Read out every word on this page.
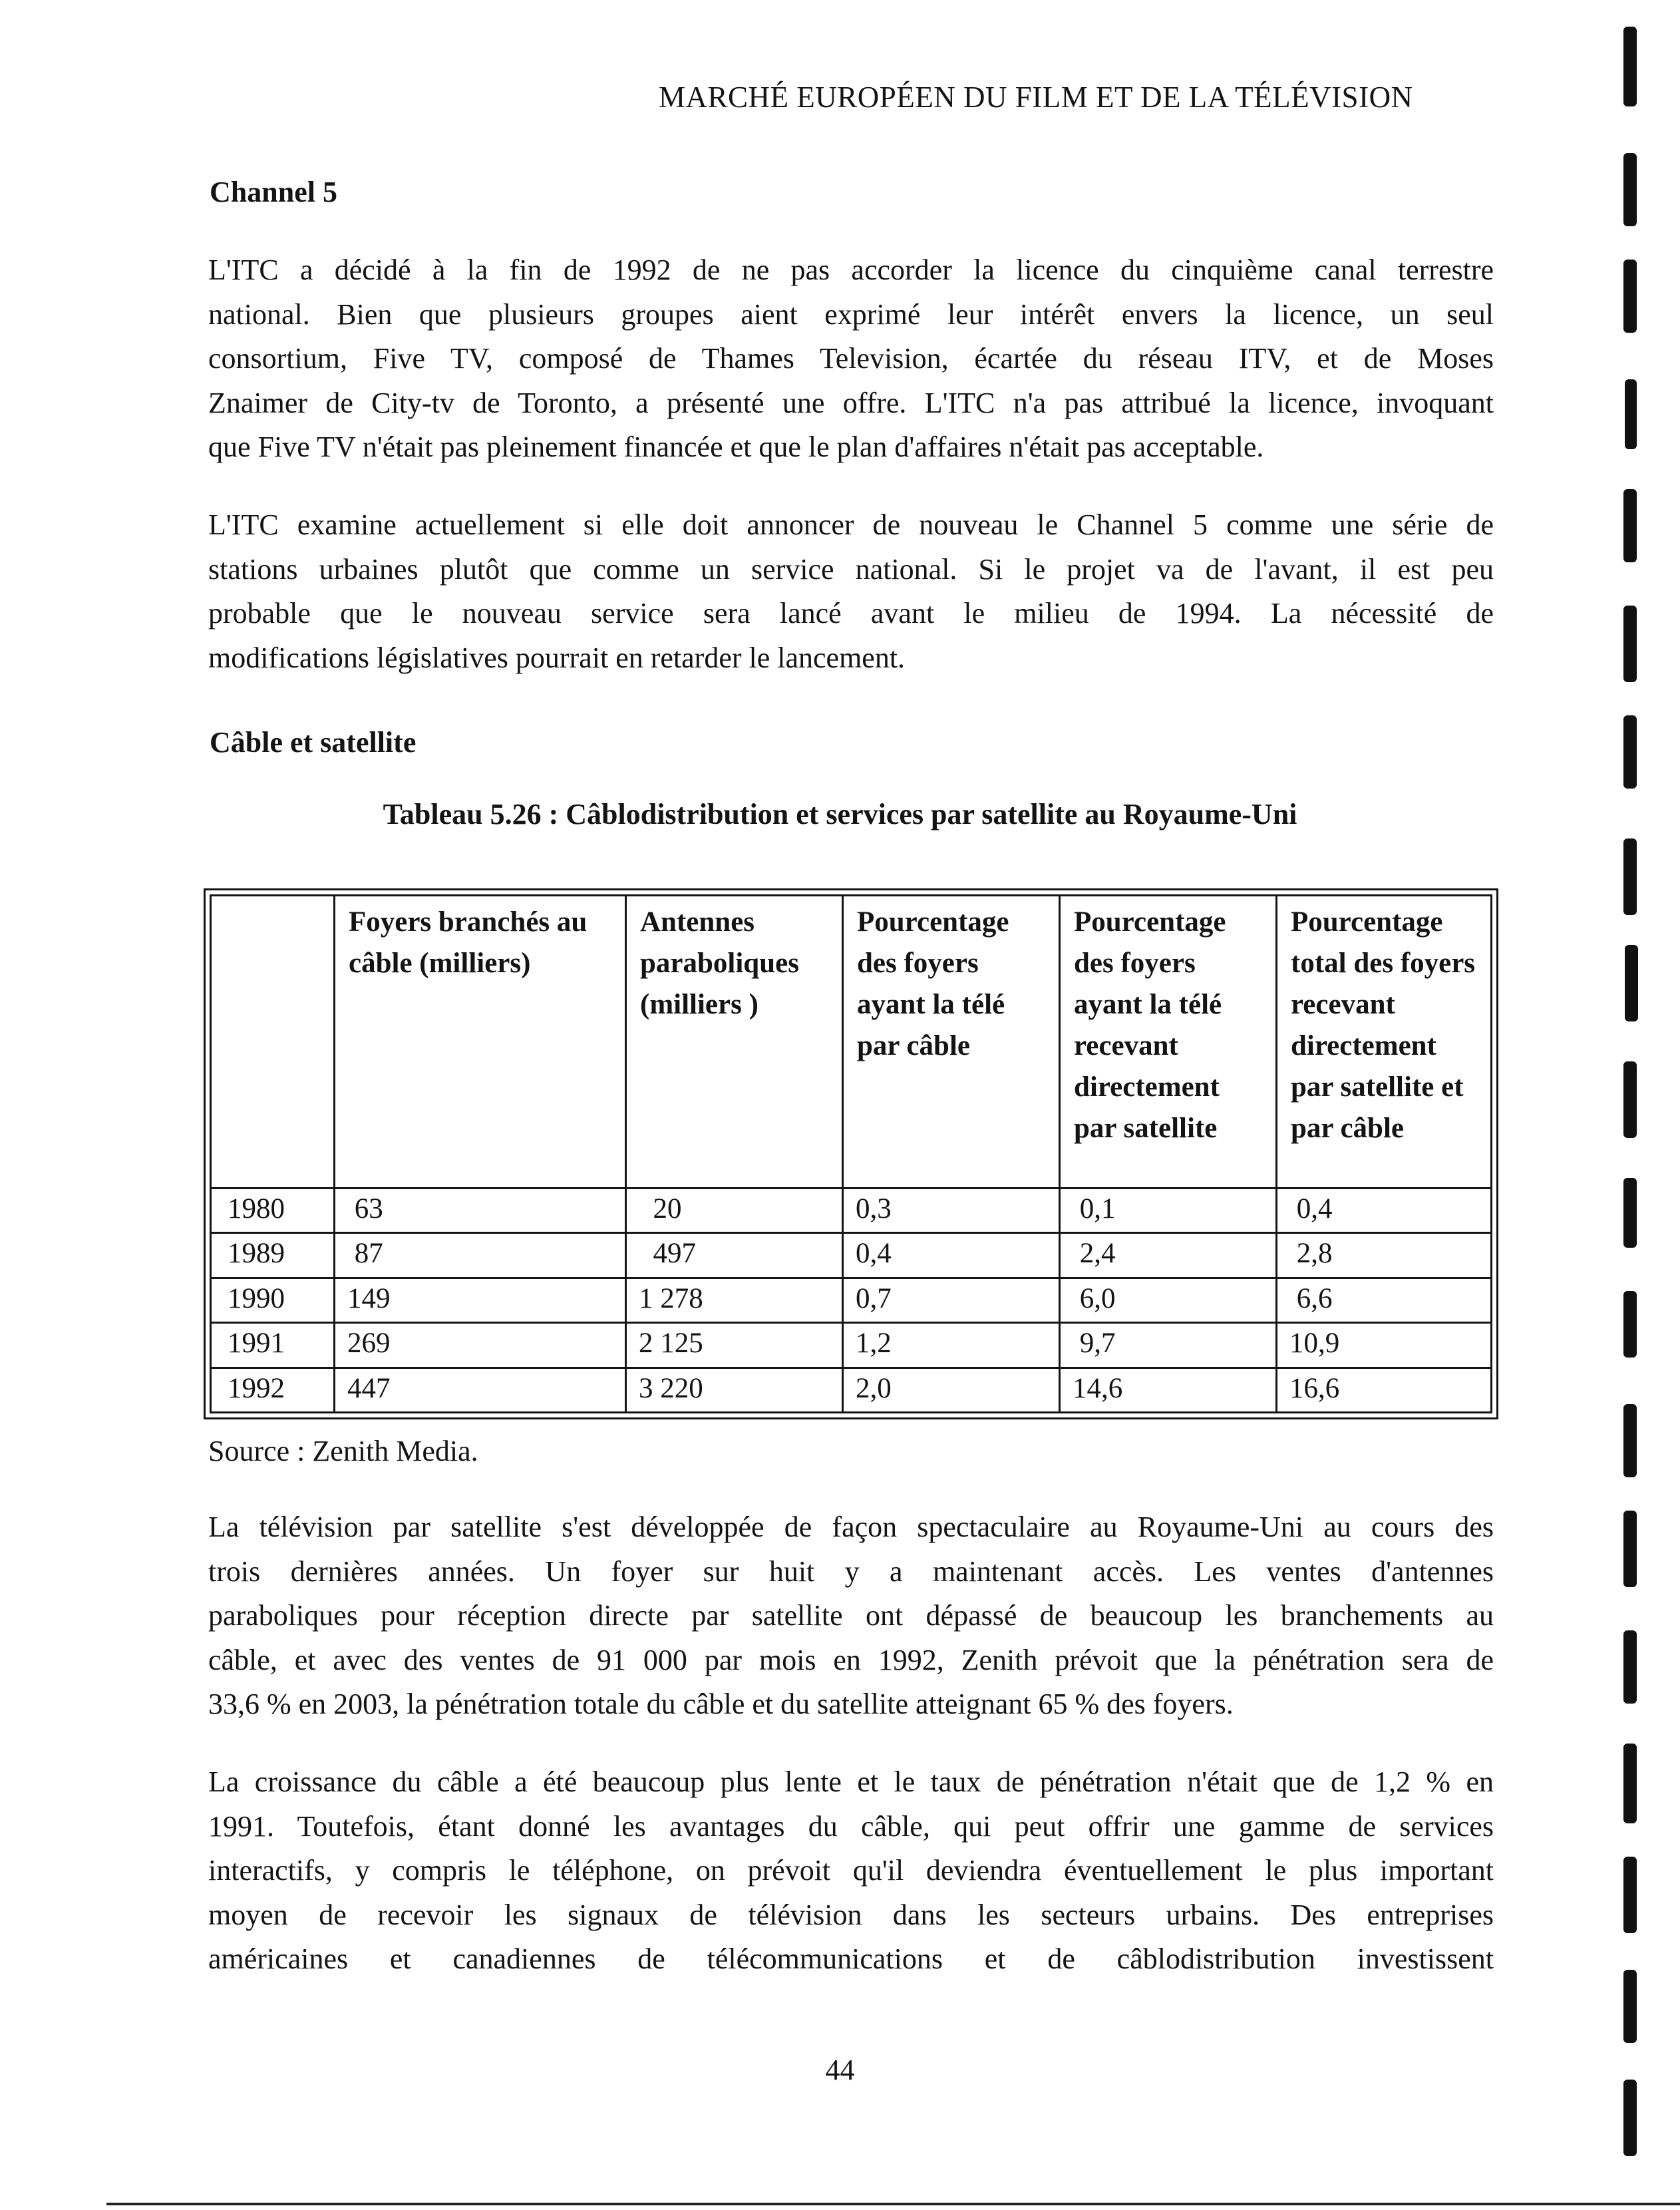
MARCHÉ EUROPÉEN DU FILM ET DE LA TÉLÉVISION
Channel 5
L'ITC a décidé à la fin de 1992 de ne pas accorder la licence du cinquième canal terrestre
national. Bien que plusieurs groupes aient exprimé leur intérêt envers la licence, un seul
consortium, Five TV, composé de Thames Television, écartée du réseau ITV, et de Moses
Znaimer de City-tv de Toronto, a présenté une offre. L'ITC n'a pas attribué la licence, invoquant
que Five TV n'était pas pleinement financée et que le plan d'affaires n'était pas acceptable.
L'ITC examine actuellement si elle doit annoncer de nouveau le Channel 5 comme une série de
stations urbaines plutôt que comme un service national. Si le projet va de l'avant, il est peu
probable que le nouveau service sera lancé avant le milieu de 1994. La nécessité de
modifications législatives pourrait en retarder le lancement.
Câble et satellite
Tableau 5.26 : Câblodistribution et services par satellite au Royaume-Uni
	Foyers branchés au câble (milliers)	Antennes paraboliques (milliers )	Pourcentage des foyers ayant la télé par câble	Pourcentage des foyers ayant la télé recevant directement par satellite	Pourcentage total des foyers recevant directement par satellite et par câble
1980	63	20	0,3	0,1	0,4
1989	87	497	0,4	2,4	2,8
1990	149	1 278	0,7	6,0	6,6
1991	269	2 125	1,2	9,7	10,9
1992	447	3 220	2,0	14,6	16,6
Source : Zenith Media.
La télévision par satellite s'est développée de façon spectaculaire au Royaume-Uni au cours des
trois dernières années. Un foyer sur huit y a maintenant accès. Les ventes d'antennes
paraboliques pour réception directe par satellite ont dépassé de beaucoup les branchements au
câble, et avec des ventes de 91 000 par mois en 1992, Zenith prévoit que la pénétration sera de
33,6 % en 2003, la pénétration totale du câble et du satellite atteignant 65 % des foyers.
La croissance du câble a été beaucoup plus lente et le taux de pénétration n'était que de 1,2 % en
1991. Toutefois, étant donné les avantages du câble, qui peut offrir une gamme de services
interactifs, y compris le téléphone, on prévoit qu'il deviendra éventuellement le plus important
moyen de recevoir les signaux de télévision dans les secteurs urbains. Des entreprises
américaines et canadiennes de télécommunications et de câblodistribution investissent
44
